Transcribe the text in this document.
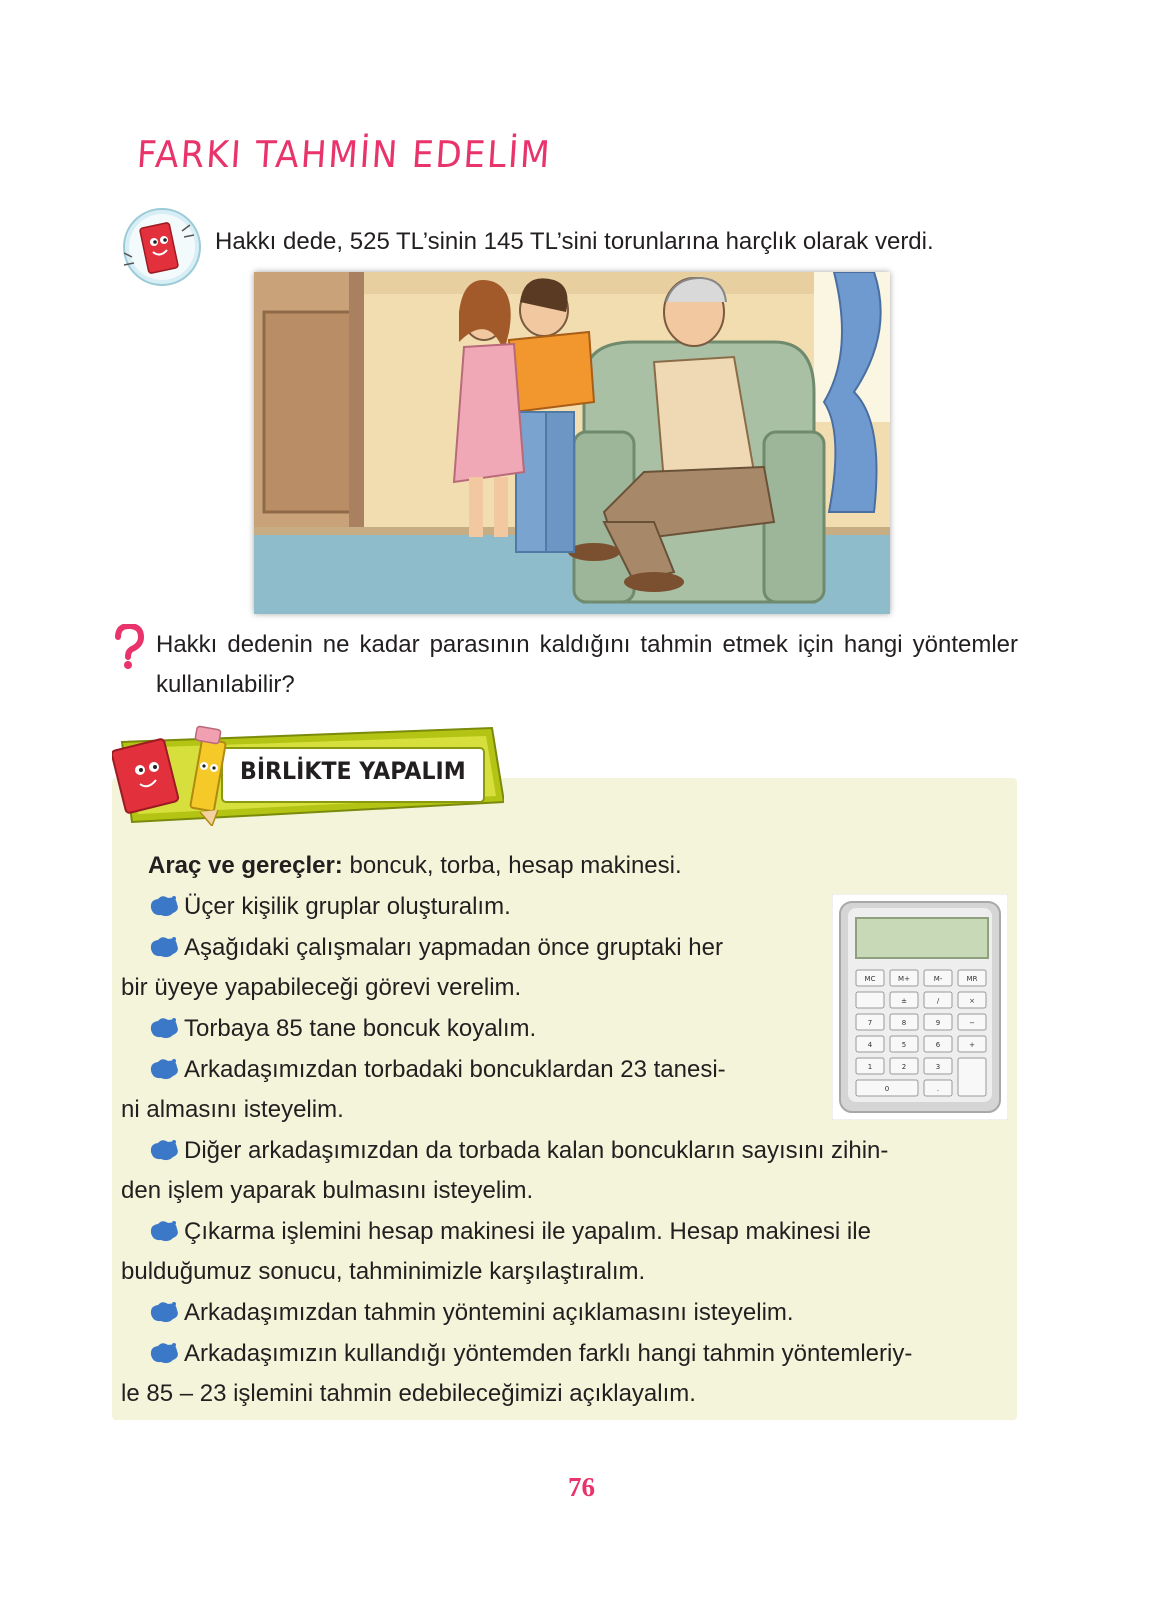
FARKI TAHMİN EDELİM
Hakkı dede, 525 TL’sinin 145 TL’sini torunlarına harçlık olarak verdi.
Hakkı dedenin ne kadar parasının kaldığını tahmin etmek için hangi yöntemler kullanılabilir?
BİRLİKTE YAPALIM
MC	M+	M-	MR
±	/	×
7	8	9	−
4	5	6	+
1	2	3
0	.
Araç ve gereçler: boncuk, torba, hesap makinesi.
Üçer kişilik gruplar oluşturalım.
Aşağıdaki çalışmaları yapmadan önce gruptaki her
bir üyeye yapabileceği görevi verelim.
Torbaya 85 tane boncuk koyalım.
Arkadaşımızdan torbadaki boncuklardan 23 tanesi-
ni almasını isteyelim.
Diğer arkadaşımızdan da torbada kalan boncukların sayısını zihin-
den işlem yaparak bulmasını isteyelim.
Çıkarma işlemini hesap makinesi ile yapalım. Hesap makinesi ile
bulduğumuz sonucu, tahminimizle karşılaştıralım.
Arkadaşımızdan tahmin yöntemini açıklamasını isteyelim.
Arkadaşımızın kullandığı yöntemden farklı hangi tahmin yöntemleriy-
le 85 – 23 işlemini tahmin edebileceğimizi açıklayalım.
76
